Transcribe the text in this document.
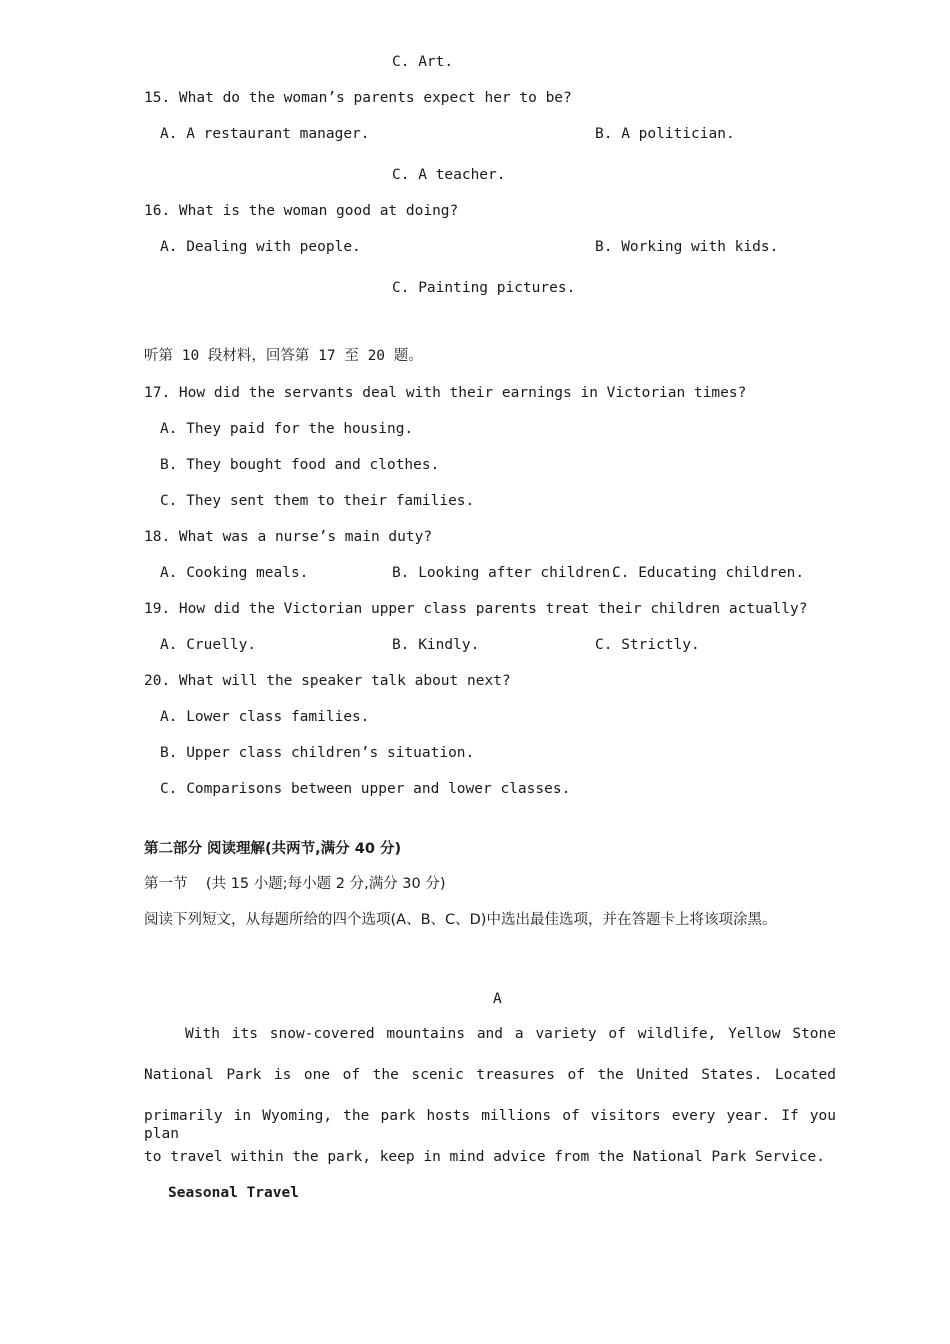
C. Art.
15. What do the woman’s parents expect her to be?
A. A restaurant manager.	B. A politician.
C. A teacher.
16. What is the woman good at doing?
A. Dealing with people.	B. Working with kids.
C. Painting pictures.
听第 10 段材料，回答第 17 至 20 题。
17. How did the servants deal with their earnings in Victorian times?
A. They paid for the housing.
B. They bought food and clothes.
C. They sent them to their families.
18. What was a nurse’s main duty?
A. Cooking meals.	B. Looking after children.
C. Educating children.
19. How did the Victorian upper class parents treat their children actually?
A. Cruelly.	B. Kindly.	C. Strictly.
20. What will the speaker talk about next?
A. Lower class families.
B. Upper class children’s situation.
C. Comparisons between upper and lower classes.
第二部分 阅读理解(共两节,满分 40 分)
第一节    (共 15 小题;每小题 2 分,满分 30 分)
阅读下列短文，从每题所给的四个选项(A、B、C、D)中选出最佳选项，并在答题卡上将该项涂黑。
A
With its snow-covered mountains and a variety of wildlife, Yellow Stone
National Park is one of the scenic treasures of the United States. Located
primarily in Wyoming, the park hosts millions of visitors every year. If you plan
to travel within the park, keep in mind advice from the National Park Service.
Seasonal Travel
